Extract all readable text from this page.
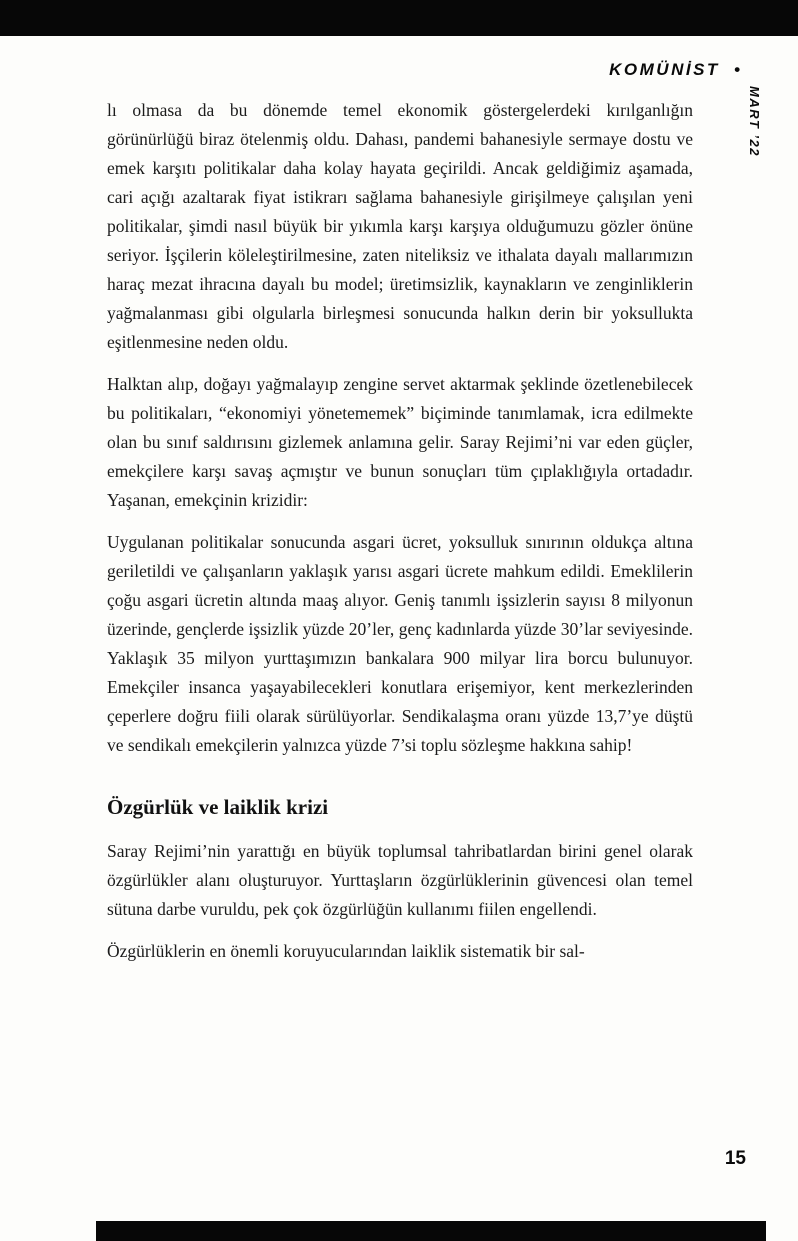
KOMÜNİST •
MART ’22

lı olmasa da bu dönemde temel ekonomik göstergelerdeki kırılganlığın görünürlüğü biraz ötelenmiş oldu. Dahası, pandemi bahanesiyle sermaye dostu ve emek karşıtı politikalar daha kolay hayata geçirildi. Ancak geldiğimiz aşamada, cari açığı azaltarak fiyat istikrarı sağlama bahanesiyle girişilmeye çalışılan yeni politikalar, şimdi nasıl büyük bir yıkımla karşı karşıya olduğumuzu gözler önüne seriyor. İşçilerin köleleştirilmesine, zaten niteliksiz ve ithalata dayalı mallarımızın haraç mezat ihracına dayalı bu model; üretimsizlik, kaynakların ve zenginliklerin yağmalanması gibi olgularla birleşmesi sonucunda halkın derin bir yoksullukta eşitlenmesine neden oldu.

Halktan alıp, doğayı yağmalayıp zengine servet aktarmak şeklinde özetlenebilecek bu politikaları, “ekonomiyi yönetememek” biçiminde tanımlamak, icra edilmekte olan bu sınıf saldırısını gizlemek anlamına gelir. Saray Rejimi’ni var eden güçler, emekçilere karşı savaş açmıştır ve bunun sonuçları tüm çıplaklığıyla ortadadır. Yaşanan, emekçinin krizidir:

Uygulanan politikalar sonucunda asgari ücret, yoksulluk sınırının oldukça altına geriletildi ve çalışanların yaklaşık yarısı asgari ücrete mahkum edildi. Emeklilerin çoğu asgari ücretin altında maaş alıyor. Geniş tanımlı işsizlerin sayısı 8 milyonun üzerinde, gençlerde işsizlik yüzde 20’ler, genç kadınlarda yüzde 30’lar seviyesinde. Yaklaşık 35 milyon yurttaşımızın bankalara 900 milyar lira borcu bulunuyor. Emekçiler insanca yaşayabilecekleri konutlara erişemiyor, kent merkezlerinden çeperlere doğru fiili olarak sürülüyorlar. Sendikalaşma oranı yüzde 13,7’ye düştü ve sendikalı emekçilerin yalnızca yüzde 7’si toplu sözleşme hakkına sahip!

Özgürlük ve laiklik krizi

Saray Rejimi’nin yarattığı en büyük toplumsal tahribatlardan birini genel olarak özgürlükler alanı oluşturuyor. Yurttaşların özgürlüklerinin güvencesi olan temel sütuna darbe vuruldu, pek çok özgürlüğün kullanımı fiilen engellendi.

Özgürlüklerin en önemli koruyucularından laiklik sistematik bir sal-

15
